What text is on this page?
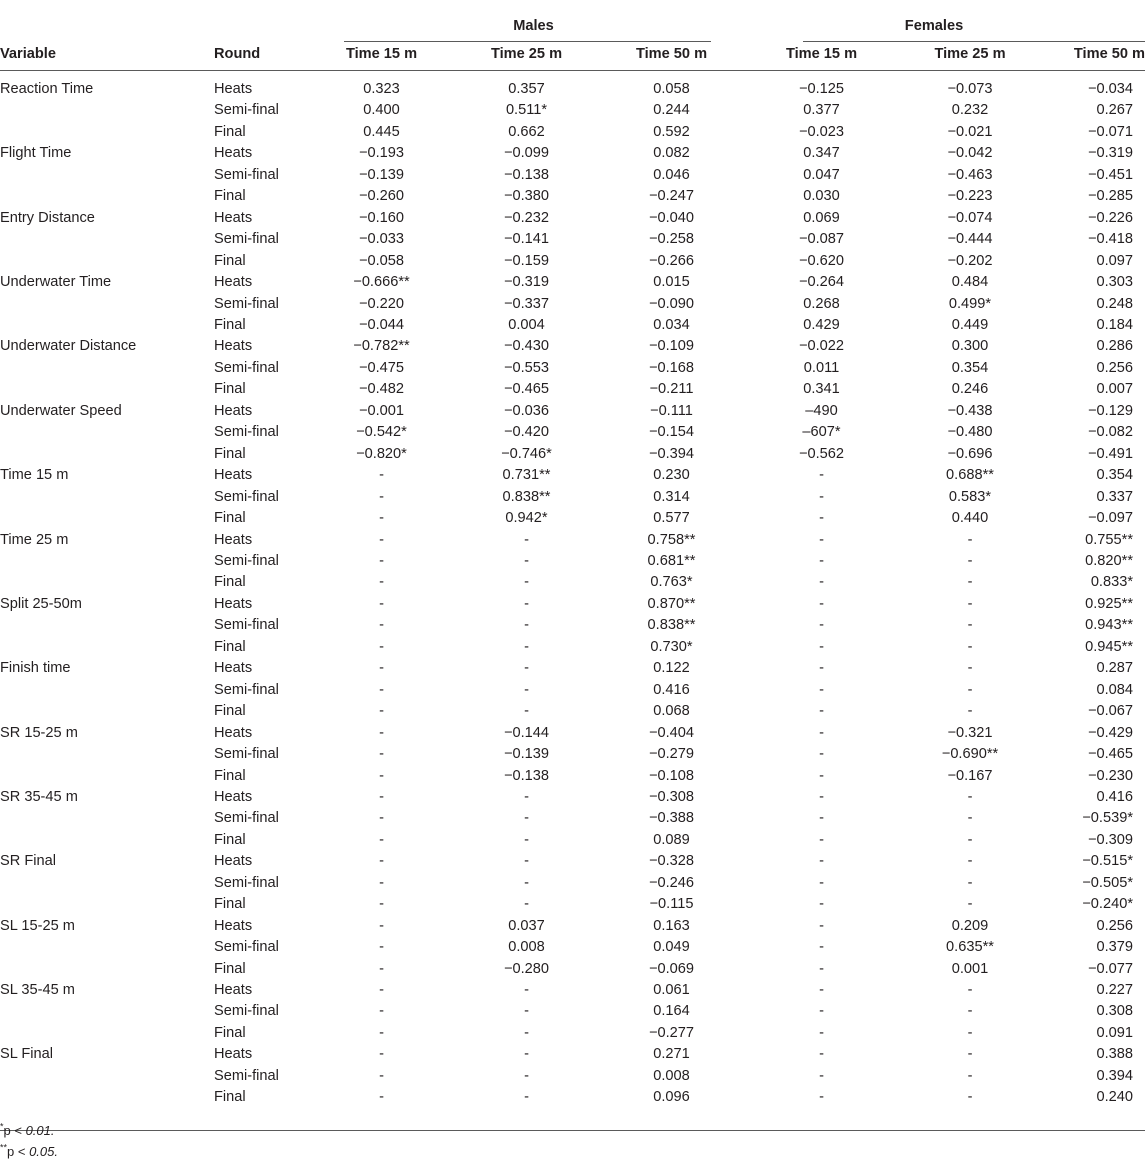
		Males			Females		

Variable	Round	Time 15 m	Time 25 m	Time 50 m	Time 15 m	Time 25 m	Time 50 m
Reaction Time	Heats	0.323	0.357	0.058	−0.125	−0.073	−0.034
	Semi-final	0.400	0.511*	0.244	0.377	0.232	0.267
	Final	0.445	0.662	0.592	−0.023	−0.021	−0.071
Flight Time	Heats	−0.193	−0.099	0.082	0.347	−0.042	−0.319
	Semi-final	−0.139	−0.138	0.046	0.047	−0.463	−0.451
	Final	−0.260	−0.380	−0.247	0.030	−0.223	−0.285
Entry Distance	Heats	−0.160	−0.232	−0.040	0.069	−0.074	−0.226
	Semi-final	−0.033	−0.141	−0.258	−0.087	−0.444	−0.418
	Final	−0.058	−0.159	−0.266	−0.620	−0.202	0.097
Underwater Time	Heats	−0.666**	−0.319	0.015	−0.264	0.484	0.303
	Semi-final	−0.220	−0.337	−0.090	0.268	0.499*	0.248
	Final	−0.044	0.004	0.034	0.429	0.449	0.184
Underwater Distance	Heats	−0.782**	−0.430	−0.109	−0.022	0.300	0.286
	Semi-final	−0.475	−0.553	−0.168	0.011	0.354	0.256
	Final	−0.482	−0.465	−0.211	0.341	0.246	0.007
Underwater Speed	Heats	−0.001	−0.036	−0.111	–490	−0.438	−0.129
	Semi-final	−0.542*	−0.420	−0.154	–607*	−0.480	−0.082
	Final	−0.820*	−0.746*	−0.394	−0.562	−0.696	−0.491
Time 15 m	Heats	-	0.731**	0.230	-	0.688**	0.354
	Semi-final	-	0.838**	0.314	-	0.583*	0.337
	Final	-	0.942*	0.577	-	0.440	−0.097
Time 25 m	Heats	-	-	0.758**	-	-	0.755**
	Semi-final	-	-	0.681**	-	-	0.820**
	Final	-	-	0.763*	-	-	0.833*
Split 25-50m	Heats	-	-	0.870**	-	-	0.925**
	Semi-final	-	-	0.838**	-	-	0.943**
	Final	-	-	0.730*	-	-	0.945**
Finish time	Heats	-	-	0.122	-	-	0.287
	Semi-final	-	-	0.416	-	-	0.084
	Final	-	-	0.068	-	-	−0.067
SR 15-25 m	Heats	-	−0.144	−0.404	-	−0.321	−0.429
	Semi-final	-	−0.139	−0.279	-	−0.690**	−0.465
	Final	-	−0.138	−0.108	-	−0.167	−0.230
SR 35-45 m	Heats	-	-	−0.308	-	-	0.416
	Semi-final	-	-	−0.388	-	-	−0.539*
	Final	-	-	0.089	-	-	−0.309
SR Final	Heats	-	-	−0.328	-	-	−0.515*
	Semi-final	-	-	−0.246	-	-	−0.505*
	Final	-	-	−0.115	-	-	−0.240*
SL 15-25 m	Heats	-	0.037	0.163	-	0.209	0.256
	Semi-final	-	0.008	0.049	-	0.635**	0.379
	Final	-	−0.280	−0.069	-	0.001	−0.077
SL 35-45 m	Heats	-	-	0.061	-	-	0.227
	Semi-final	-	-	0.164	-	-	0.308
	Final	-	-	−0.277	-	-	0.091
SL Final	Heats	-	-	0.271	-	-	0.388
	Semi-final	-	-	0.008	-	-	0.394
	Final	-	-	0.096	-	-	0.240

*p < 0.01.
**p < 0.05.
